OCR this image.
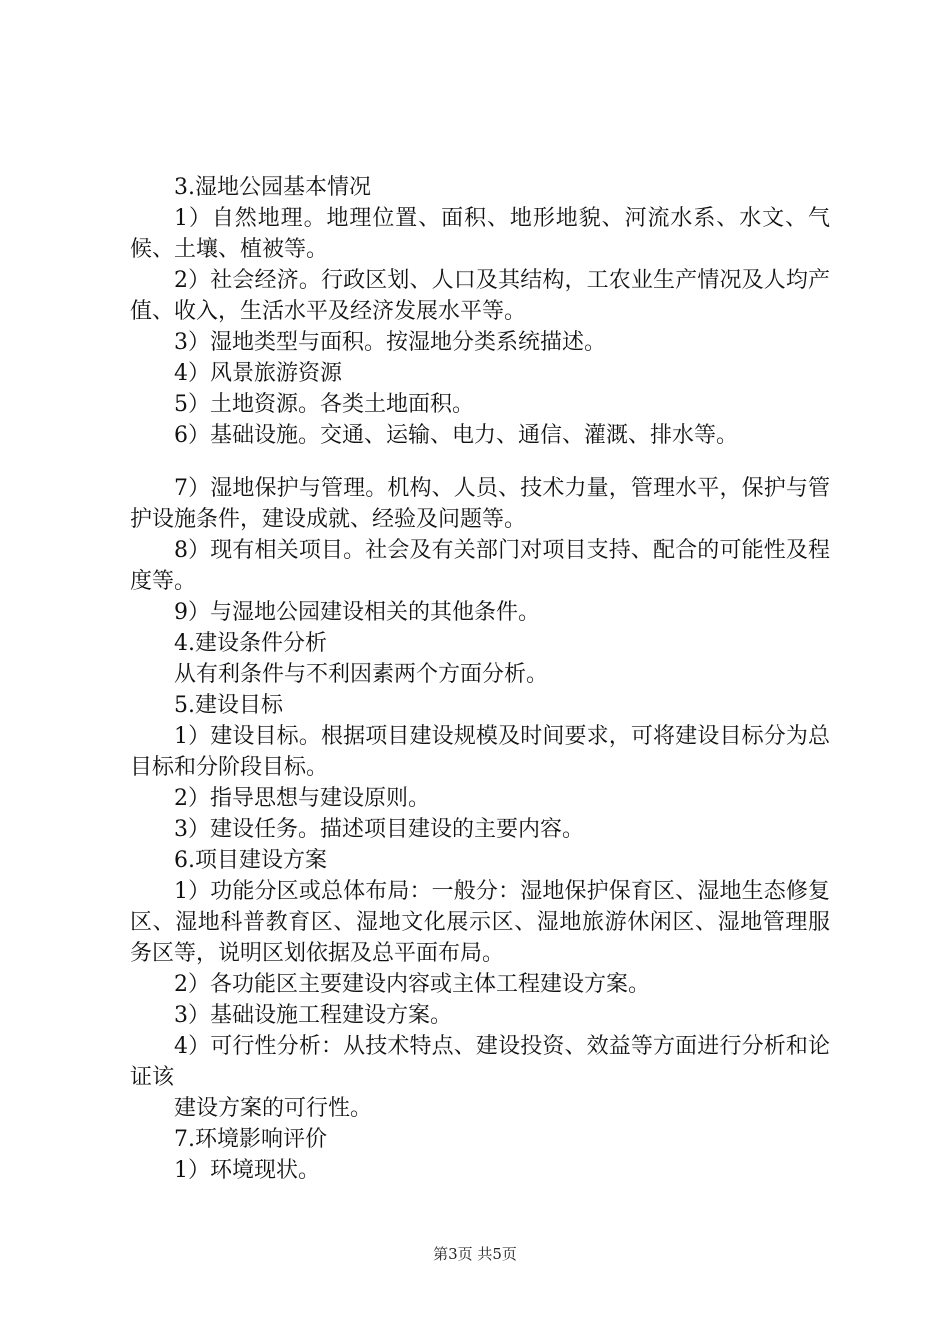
3.湿地公园基本情况

1）自然地理。地理位置、面积、地形地貌、河流水系、水文、气候、土壤、植被等。

2）社会经济。行政区划、人口及其结构，工农业生产情况及人均产值、收入，生活水平及经济发展水平等。

3）湿地类型与面积。按湿地分类系统描述。

4）风景旅游资源

5）土地资源。各类土地面积。

6）基础设施。交通、运输、电力、通信、灌溉、排水等。

7）湿地保护与管理。机构、人员、技术力量，管理水平，保护与管护设施条件，建设成就、经验及问题等。

8）现有相关项目。社会及有关部门对项目支持、配合的可能性及程度等。

9）与湿地公园建设相关的其他条件。

4.建设条件分析

从有利条件与不利因素两个方面分析。

5.建设目标

1）建设目标。根据项目建设规模及时间要求，可将建设目标分为总目标和分阶段目标。

2）指导思想与建设原则。

3）建设任务。描述项目建设的主要内容。

6.项目建设方案

1）功能分区或总体布局：一般分：湿地保护保育区、湿地生态修复区、湿地科普教育区、湿地文化展示区、湿地旅游休闲区、湿地管理服务区等，说明区划依据及总平面布局。

2）各功能区主要建设内容或主体工程建设方案。

3）基础设施工程建设方案。

4）可行性分析：从技术特点、建设投资、效益等方面进行分析和论证该

建设方案的可行性。

7.环境影响评价

1）环境现状。

第3页 共5页
